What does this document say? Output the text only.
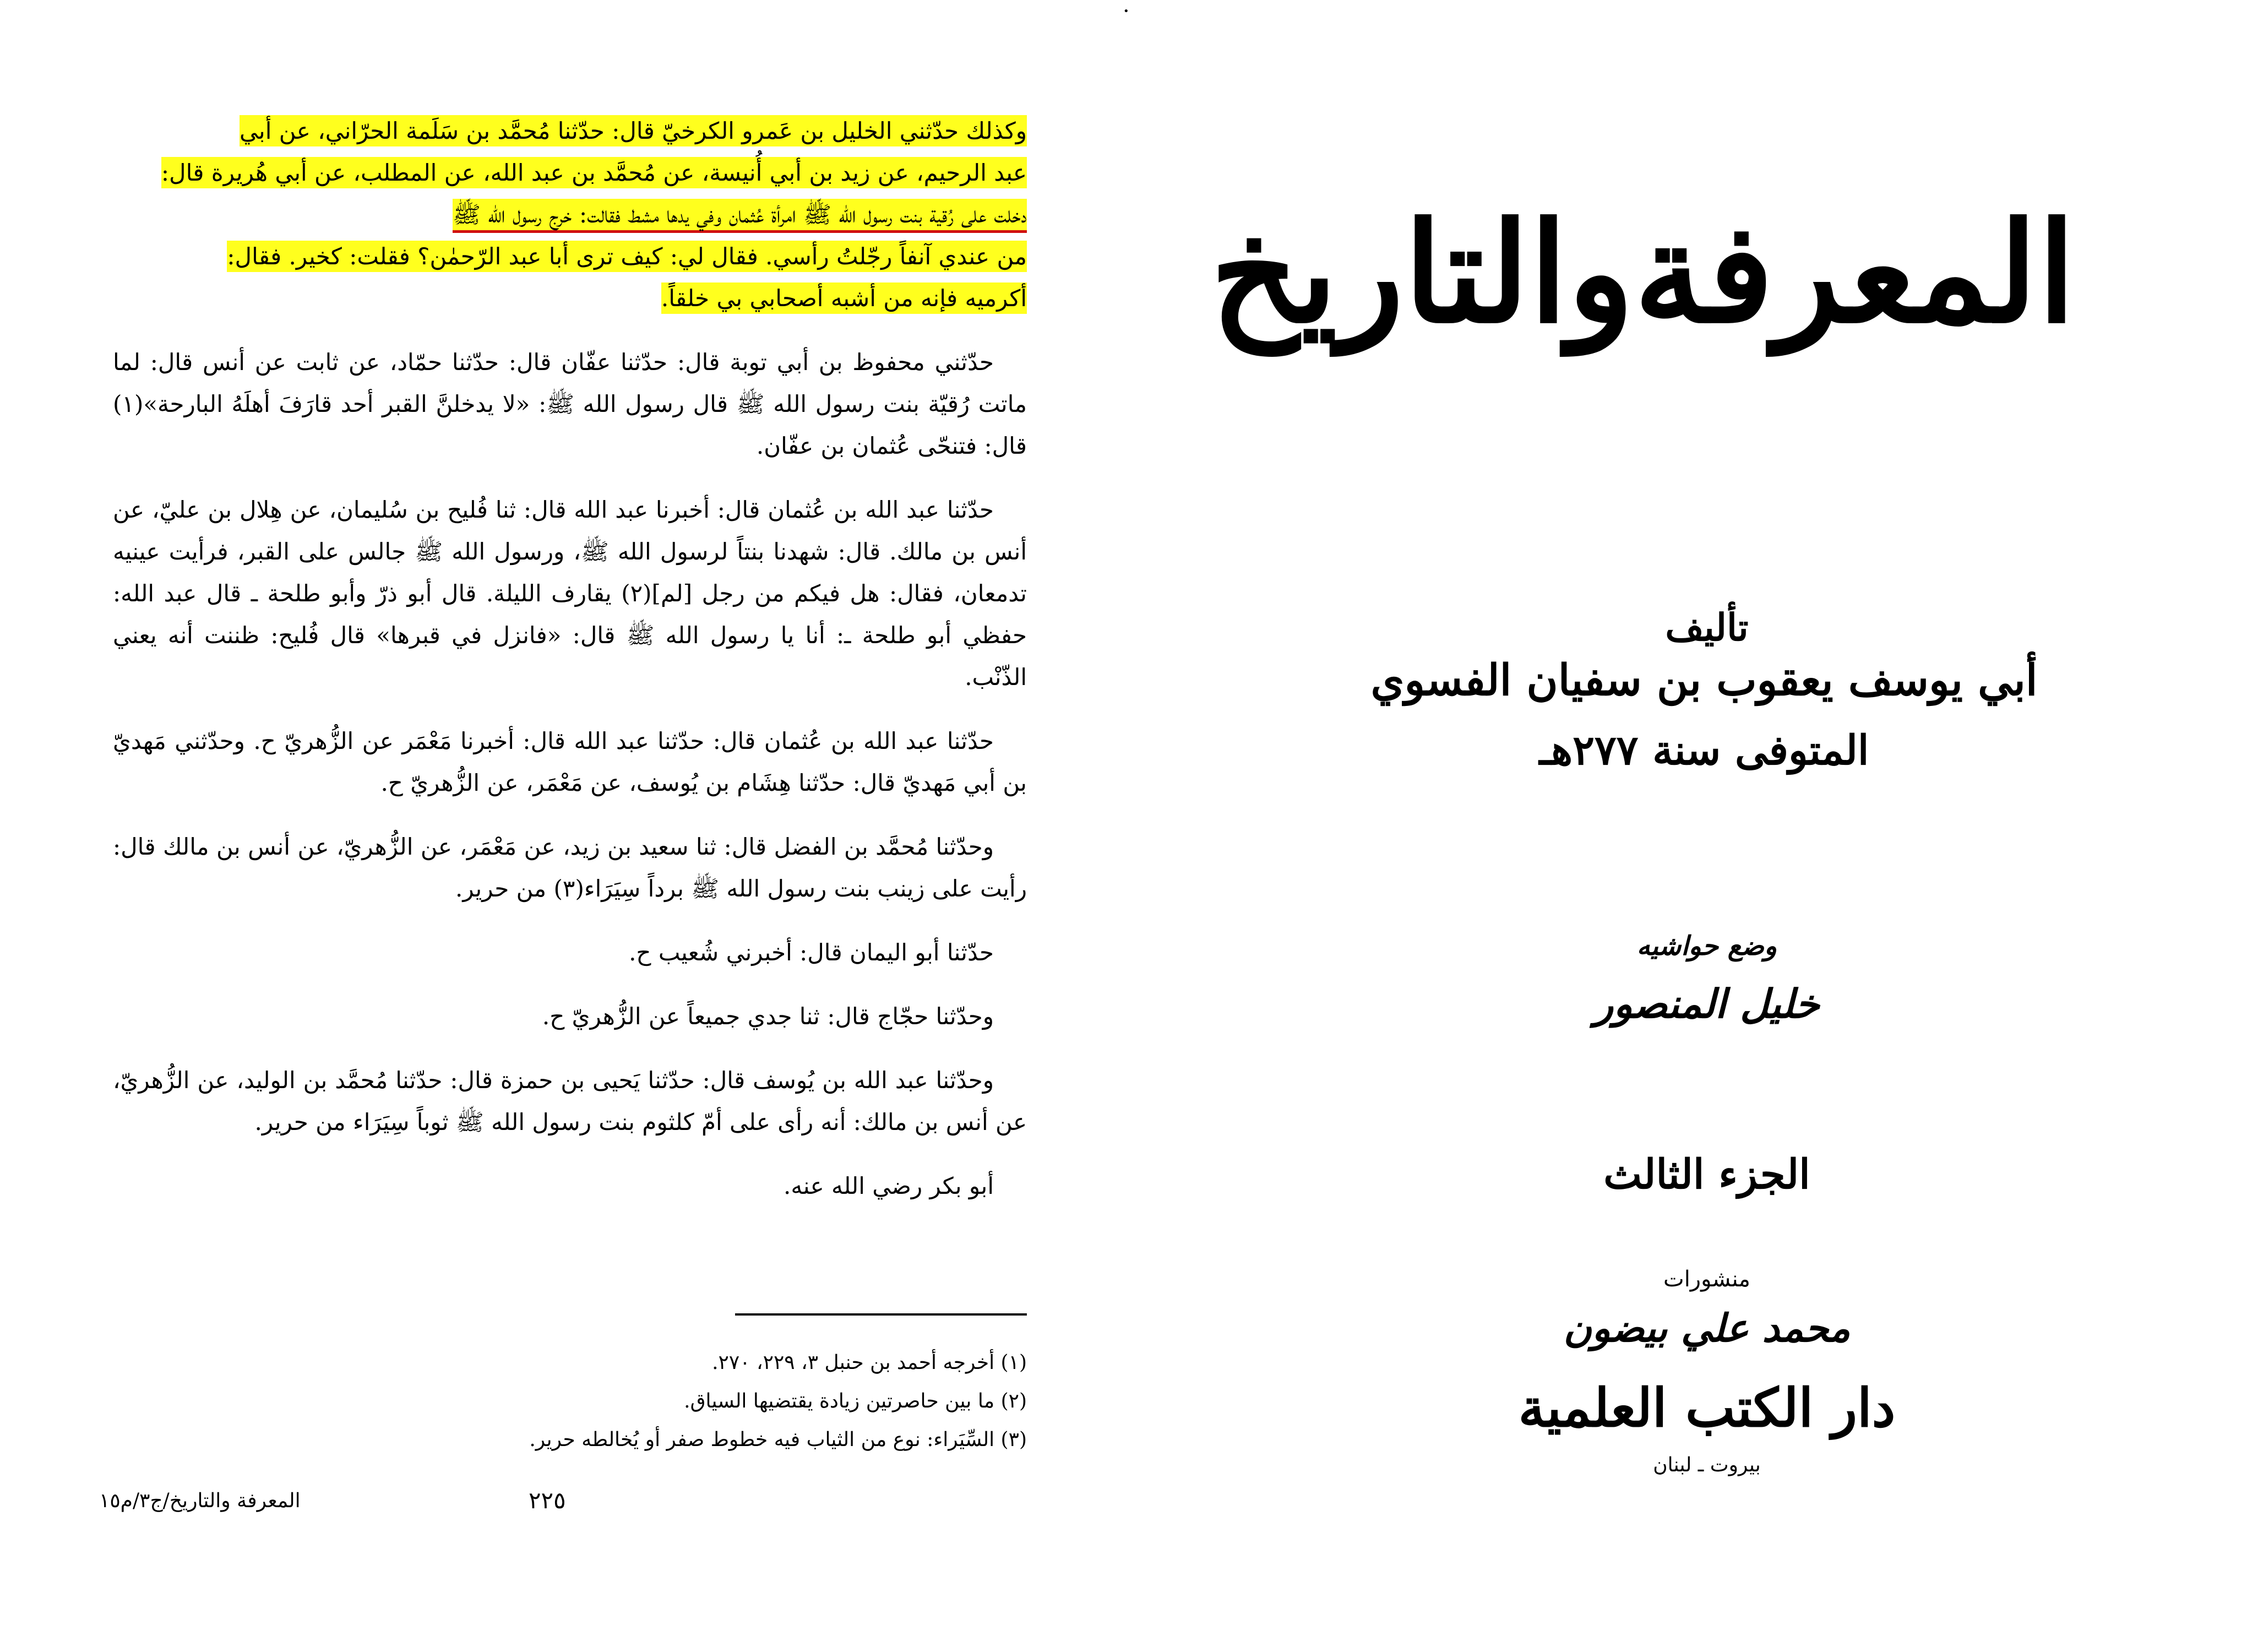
وكذلك حدّثني الخليل بن عَمرو الكرخيّ قال: حدّثنا مُحمَّد بن سَلَمة الحرّاني، عن أبي
عبد الرحيم، عن زيد بن أبي أُنيسة، عن مُحمَّد بن عبد الله، عن المطلب، عن أبي هُريرة قال:
دخلت على رُقية بنت رسول الله ﷺ امرأة عُثمان وفي يدها مشط فقالت: خرج رسول الله ﷺ
من عندي آنفاً رجّلتُ رأسي. فقال لي: كيف ترى أبا عبد الرّحمٰن؟ فقلت: كخير. فقال:
أكرميه فإنه من أشبه أصحابي بي خلقاً.

حدّثني محفوظ بن أبي توبة قال: حدّثنا عفّان قال: حدّثنا حمّاد، عن ثابت عن أنس قال: لما ماتت رُقيّة بنت رسول الله ﷺ قال رسول الله ﷺ: «لا يدخلنَّ القبر أحد قارَفَ أهلَهُ البارحة»(١) قال: فتنحّى عُثمان بن عفّان.

حدّثنا عبد الله بن عُثمان قال: أخبرنا عبد الله قال: ثنا فُليح بن سُليمان، عن هِلال بن عليّ، عن أنس بن مالك. قال: شهدنا بنتاً لرسول الله ﷺ، ورسول الله ﷺ جالس على القبر، فرأيت عينيه تدمعان، فقال: هل فيكم من رجل [لم](٢) يقارف الليلة. قال أبو ذرّ وأبو طلحة ـ قال عبد الله: حفظي أبو طلحة ـ: أنا يا رسول الله ﷺ قال: «فانزل في قبرها» قال فُليح: ظننت أنه يعني الذّنْب.

حدّثنا عبد الله بن عُثمان قال: حدّثنا عبد الله قال: أخبرنا مَعْمَر عن الزُّهريّ ح. وحدّثني مَهديّ بن أبي مَهديّ قال: حدّثنا هِشَام بن يُوسف، عن مَعْمَر، عن الزُّهريّ ح.

وحدّثنا مُحمَّد بن الفضل قال: ثنا سعيد بن زيد، عن مَعْمَر، عن الزُّهريّ، عن أنس بن مالك قال: رأيت على زينب بنت رسول الله ﷺ برداً سِيَرَاء(٣) من حرير.

حدّثنا أبو اليمان قال: أخبرني شُعيب ح.

وحدّثنا حجّاج قال: ثنا جدي جميعاً عن الزُّهريّ ح.

وحدّثنا عبد الله بن يُوسف قال: حدّثنا يَحيى بن حمزة قال: حدّثنا مُحمَّد بن الوليد، عن الزُّهريّ، عن أنس بن مالك: أنه رأى على أمّ كلثوم بنت رسول الله ﷺ ثوباً سِيَرَاء من حرير.

أبو بكر رضي الله عنه.

(١) أخرجه أحمد بن حنبل ٣، ٢٢٩، ٢٧٠.

(٢) ما بين حاصرتين زيادة يقتضيها السياق.

(٣) السِّيَراء: نوع من الثياب فيه خطوط صفر أو يُخالطه حرير.

المعرفة والتاريخ/ج٣/م١٥	٢٢٥
•
المعرفةوالتاريخ
تأليف
أبي يوسف يعقوب بن سفيان الفسوي
المتوفى سنة ٢٧٧هـ
وضع حواشيه
خليل المنصور
الجزء الثالث
منشورات
محمد علي بيضون
دار الكتب العلمية
بيروت ـ لبنان
